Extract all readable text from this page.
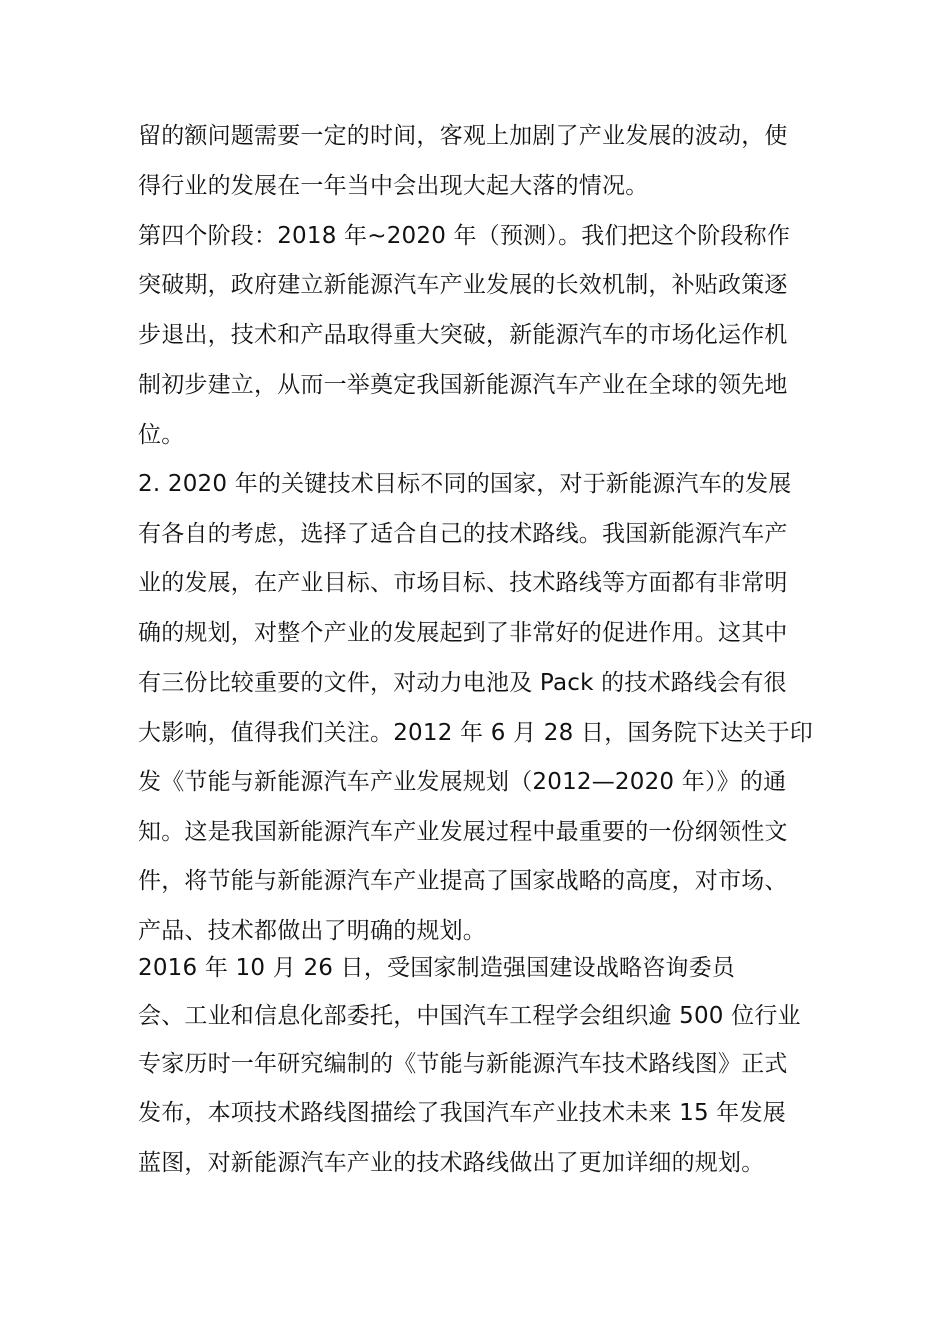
留的额问题需要一定的时间，客观上加剧了产业发展的波动，使
得行业的发展在一年当中会出现大起大落的情况。
第四个阶段：2018 年~2020 年（预测）。我们把这个阶段称作
突破期，政府建立新能源汽车产业发展的长效机制，补贴政策逐
步退出，技术和产品取得重大突破，新能源汽车的市场化运作机
制初步建立，从而一举奠定我国新能源汽车产业在全球的领先地
位。
2. 2020 年的关键技术目标不同的国家，对于新能源汽车的发展
有各自的考虑，选择了适合自己的技术路线。我国新能源汽车产
业的发展，在产业目标、市场目标、技术路线等方面都有非常明
确的规划，对整个产业的发展起到了非常好的促进作用。这其中
有三份比较重要的文件，对动力电池及 Pack 的技术路线会有很
大影响，值得我们关注。2012 年 6 月 28 日，国务院下达关于印
发《节能与新能源汽车产业发展规划（2012—2020 年）》的通
知。这是我国新能源汽车产业发展过程中最重要的一份纲领性文
件，将节能与新能源汽车产业提高了国家战略的高度，对市场、
产品、技术都做出了明确的规划。
2016 年 10 月 26 日，受国家制造强国建设战略咨询委员
会、工业和信息化部委托，中国汽车工程学会组织逾 500 位行业
专家历时一年研究编制的《节能与新能源汽车技术路线图》正式
发布，本项技术路线图描绘了我国汽车产业技术未来 15 年发展
蓝图，对新能源汽车产业的技术路线做出了更加详细的规划。
